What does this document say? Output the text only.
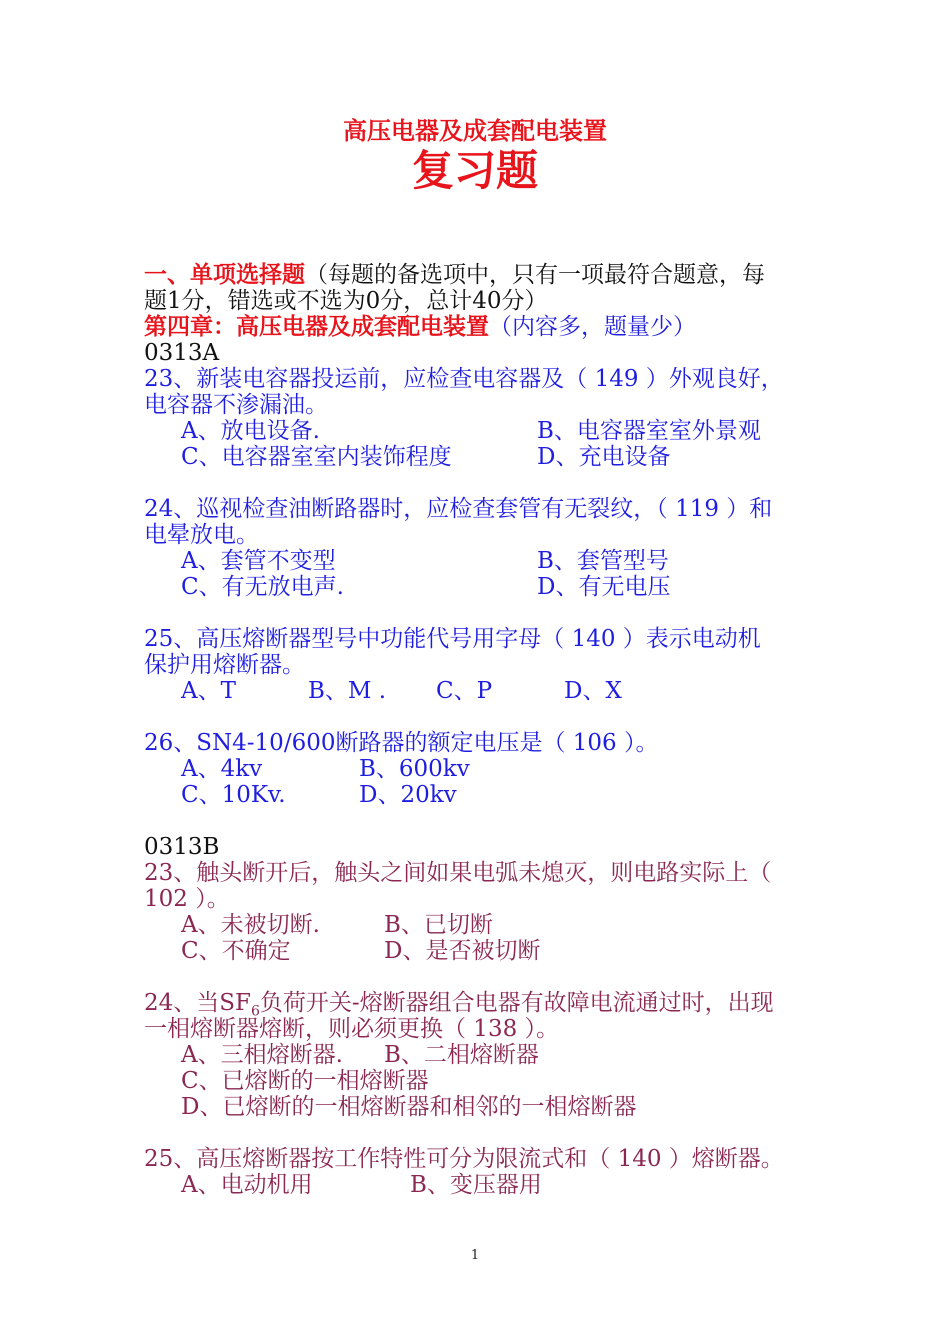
高压电器及成套配电装置
复习题
一、单项选择题（每题的备选项中，只有一项最符合题意，每
题1分，错选或不选为0分，总计40分）
第四章：高压电器及成套配电装置（内容多，题量少）
0313A
23、新装电容器投运前，应检查电容器及（ 149 ）外观良好，
电容器不渗漏油。
A、放电设备.	B、电容器室室外景观
C、电容器室室内装饰程度	D、充电设备
24、巡视检查油断路器时，应检查套管有无裂纹，（ 119 ）和
电晕放电。
A、套管不变型	B、套管型号
C、有无放电声.	D、有无电压
25、高压熔断器型号中功能代号用字母（ 140 ）表示电动机
保护用熔断器。
A、T	B、M . C、P	D、X
26、SN4-10/600断路器的额定电压是（ 106 ）。
A、4kv	B、600kv
C、10Kv.	D、20kv
0313B
23、触头断开后，触头之间如果电弧未熄灭，则电路实际上（
102 ）。
A、未被切断.	B、已切断
C、不确定	D、是否被切断
24、当$SF_6$负荷开关-熔断器组合电器有故障电流通过时，出现
一相熔断器熔断，则必须更换（ 138 ）。
A、三相熔断器. B、二相熔断器
C、已熔断的一相熔断器
D、已熔断的一相熔断器和相邻的一相熔断器
25、高压熔断器按工作特性可分为限流式和（ 140 ）熔断器。
A、电动机用	B、变压器用
1
